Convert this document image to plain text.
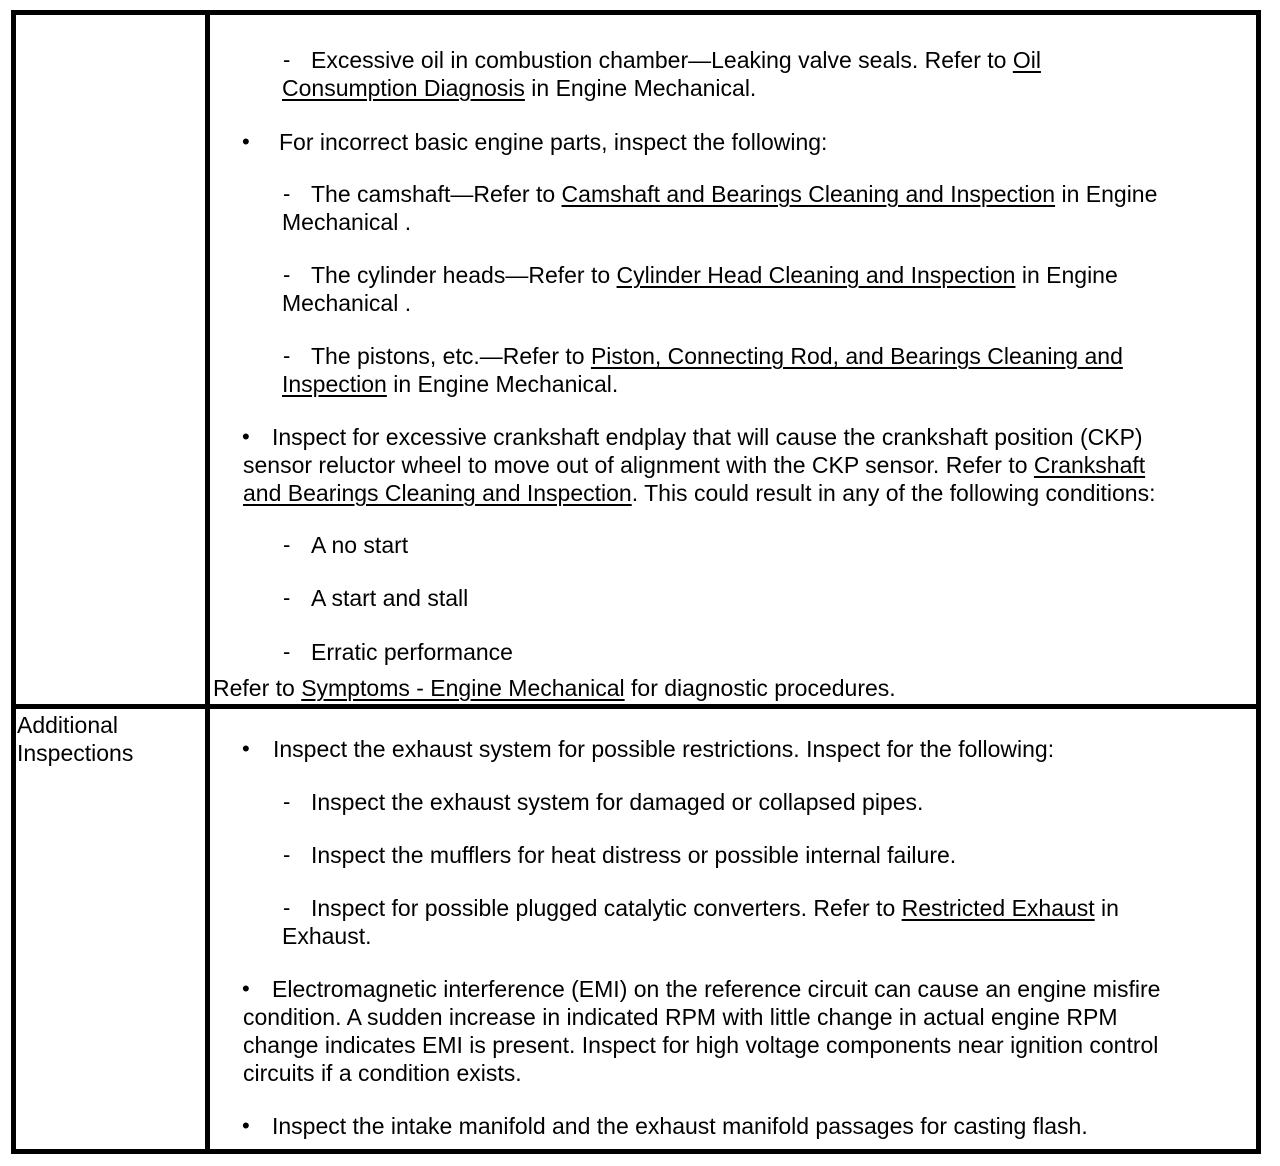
- Excessive oil in combustion chamber—Leaking valve seals. Refer to Oil
Consumption Diagnosis in Engine Mechanical.
• For incorrect basic engine parts, inspect the following:
- The camshaft—Refer to Camshaft and Bearings Cleaning and Inspection in Engine
Mechanical .
- The cylinder heads—Refer to Cylinder Head Cleaning and Inspection in Engine
Mechanical .
- The pistons, etc.—Refer to Piston, Connecting Rod, and Bearings Cleaning and
Inspection in Engine Mechanical.
• Inspect for excessive crankshaft endplay that will cause the crankshaft position (CKP)
sensor reluctor wheel to move out of alignment with the CKP sensor. Refer to Crankshaft
and Bearings Cleaning and Inspection. This could result in any of the following conditions:
- A no start
- A start and stall
- Erratic performance
Refer to Symptoms - Engine Mechanical for diagnostic procedures.
Additional
Inspections	• Inspect the exhaust system for possible restrictions. Inspect for the following:
- Inspect the exhaust system for damaged or collapsed pipes.
- Inspect the mufflers for heat distress or possible internal failure.
- Inspect for possible plugged catalytic converters. Refer to Restricted Exhaust in
Exhaust.
• Electromagnetic interference (EMI) on the reference circuit can cause an engine misfire
condition. A sudden increase in indicated RPM with little change in actual engine RPM
change indicates EMI is present. Inspect for high voltage components near ignition control
circuits if a condition exists.
• Inspect the intake manifold and the exhaust manifold passages for casting flash.
